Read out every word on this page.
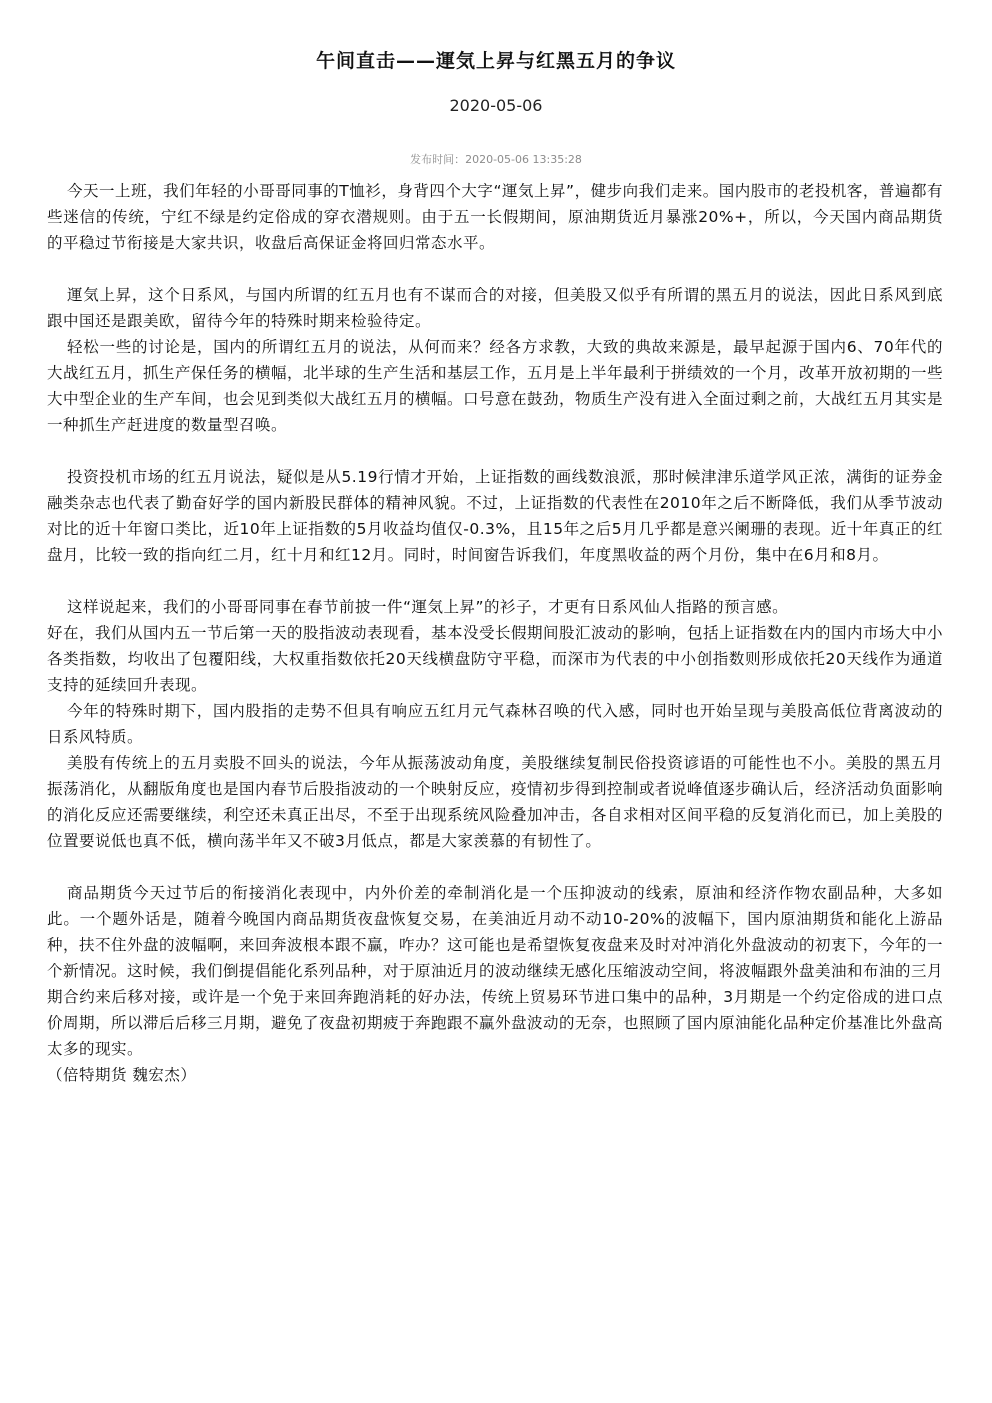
午间直击——運気上昇与红黑五月的争议
2020-05-06
发布时间：2020-05-06 13:35:28

今天一上班，我们年轻的小哥哥同事的T恤衫，身背四个大字“運気上昇”，健步向我们走来。国内股市的老投机客，普遍都有些迷信的传统，宁红不绿是约定俗成的穿衣潜规则。由于五一长假期间，原油期货近月暴涨20%+，所以，今天国内商品期货的平稳过节衔接是大家共识，收盘后高保证金将回归常态水平。

運気上昇，这个日系风，与国内所谓的红五月也有不谋而合的对接，但美股又似乎有所谓的黑五月的说法，因此日系风到底跟中国还是跟美欧，留待今年的特殊时期来检验待定。

轻松一些的讨论是，国内的所谓红五月的说法，从何而来？经各方求教，大致的典故来源是，最早起源于国内6、70年代的大战红五月，抓生产保任务的横幅，北半球的生产生活和基层工作，五月是上半年最利于拼绩效的一个月，改革开放初期的一些大中型企业的生产车间，也会见到类似大战红五月的横幅。口号意在鼓劲，物质生产没有进入全面过剩之前，大战红五月其实是一种抓生产赶进度的数量型召唤。

投资投机市场的红五月说法，疑似是从5.19行情才开始，上证指数的画线数浪派，那时候津津乐道学风正浓，满街的证券金融类杂志也代表了勤奋好学的国内新股民群体的精神风貌。不过，上证指数的代表性在2010年之后不断降低，我们从季节波动对比的近十年窗口类比，近10年上证指数的5月收益均值仅-0.3%，且15年之后5月几乎都是意兴阑珊的表现。近十年真正的红盘月，比较一致的指向红二月，红十月和红12月。同时，时间窗告诉我们，年度黑收益的两个月份，集中在6月和8月。

这样说起来，我们的小哥哥同事在春节前披一件“運気上昇”的衫子，才更有日系风仙人指路的预言感。

好在，我们从国内五一节后第一天的股指波动表现看，基本没受长假期间股汇波动的影响，包括上证指数在内的国内市场大中小各类指数，均收出了包覆阳线，大权重指数依托20天线横盘防守平稳，而深市为代表的中小创指数则形成依托20天线作为通道支持的延续回升表现。

今年的特殊时期下，国内股指的走势不但具有响应五红月元气森林召唤的代入感，同时也开始呈现与美股高低位背离波动的日系风特质。

美股有传统上的五月卖股不回头的说法，今年从振荡波动角度，美股继续复制民俗投资谚语的可能性也不小。美股的黑五月振荡消化，从翻版角度也是国内春节后股指波动的一个映射反应，疫情初步得到控制或者说峰值逐步确认后，经济活动负面影响的消化反应还需要继续，利空还未真正出尽，不至于出现系统风险叠加冲击，各自求相对区间平稳的反复消化而已，加上美股的位置要说低也真不低，横向荡半年又不破3月低点，都是大家羡慕的有韧性了。

商品期货今天过节后的衔接消化表现中，内外价差的牵制消化是一个压抑波动的线索，原油和经济作物农副品种，大多如此。一个题外话是，随着今晚国内商品期货夜盘恢复交易，在美油近月动不动10-20%的波幅下，国内原油期货和能化上游品种，扶不住外盘的波幅啊，来回奔波根本跟不赢，咋办？这可能也是希望恢复夜盘来及时对冲消化外盘波动的初衷下，今年的一个新情况。这时候，我们倒提倡能化系列品种，对于原油近月的波动继续无感化压缩波动空间，将波幅跟外盘美油和布油的三月期合约来后移对接，或许是一个免于来回奔跑消耗的好办法，传统上贸易环节进口集中的品种，3月期是一个约定俗成的进口点价周期，所以滞后后移三月期，避免了夜盘初期疲于奔跑跟不赢外盘波动的无奈，也照顾了国内原油能化品种定价基准比外盘高太多的现实。

（倍特期货 魏宏杰）
